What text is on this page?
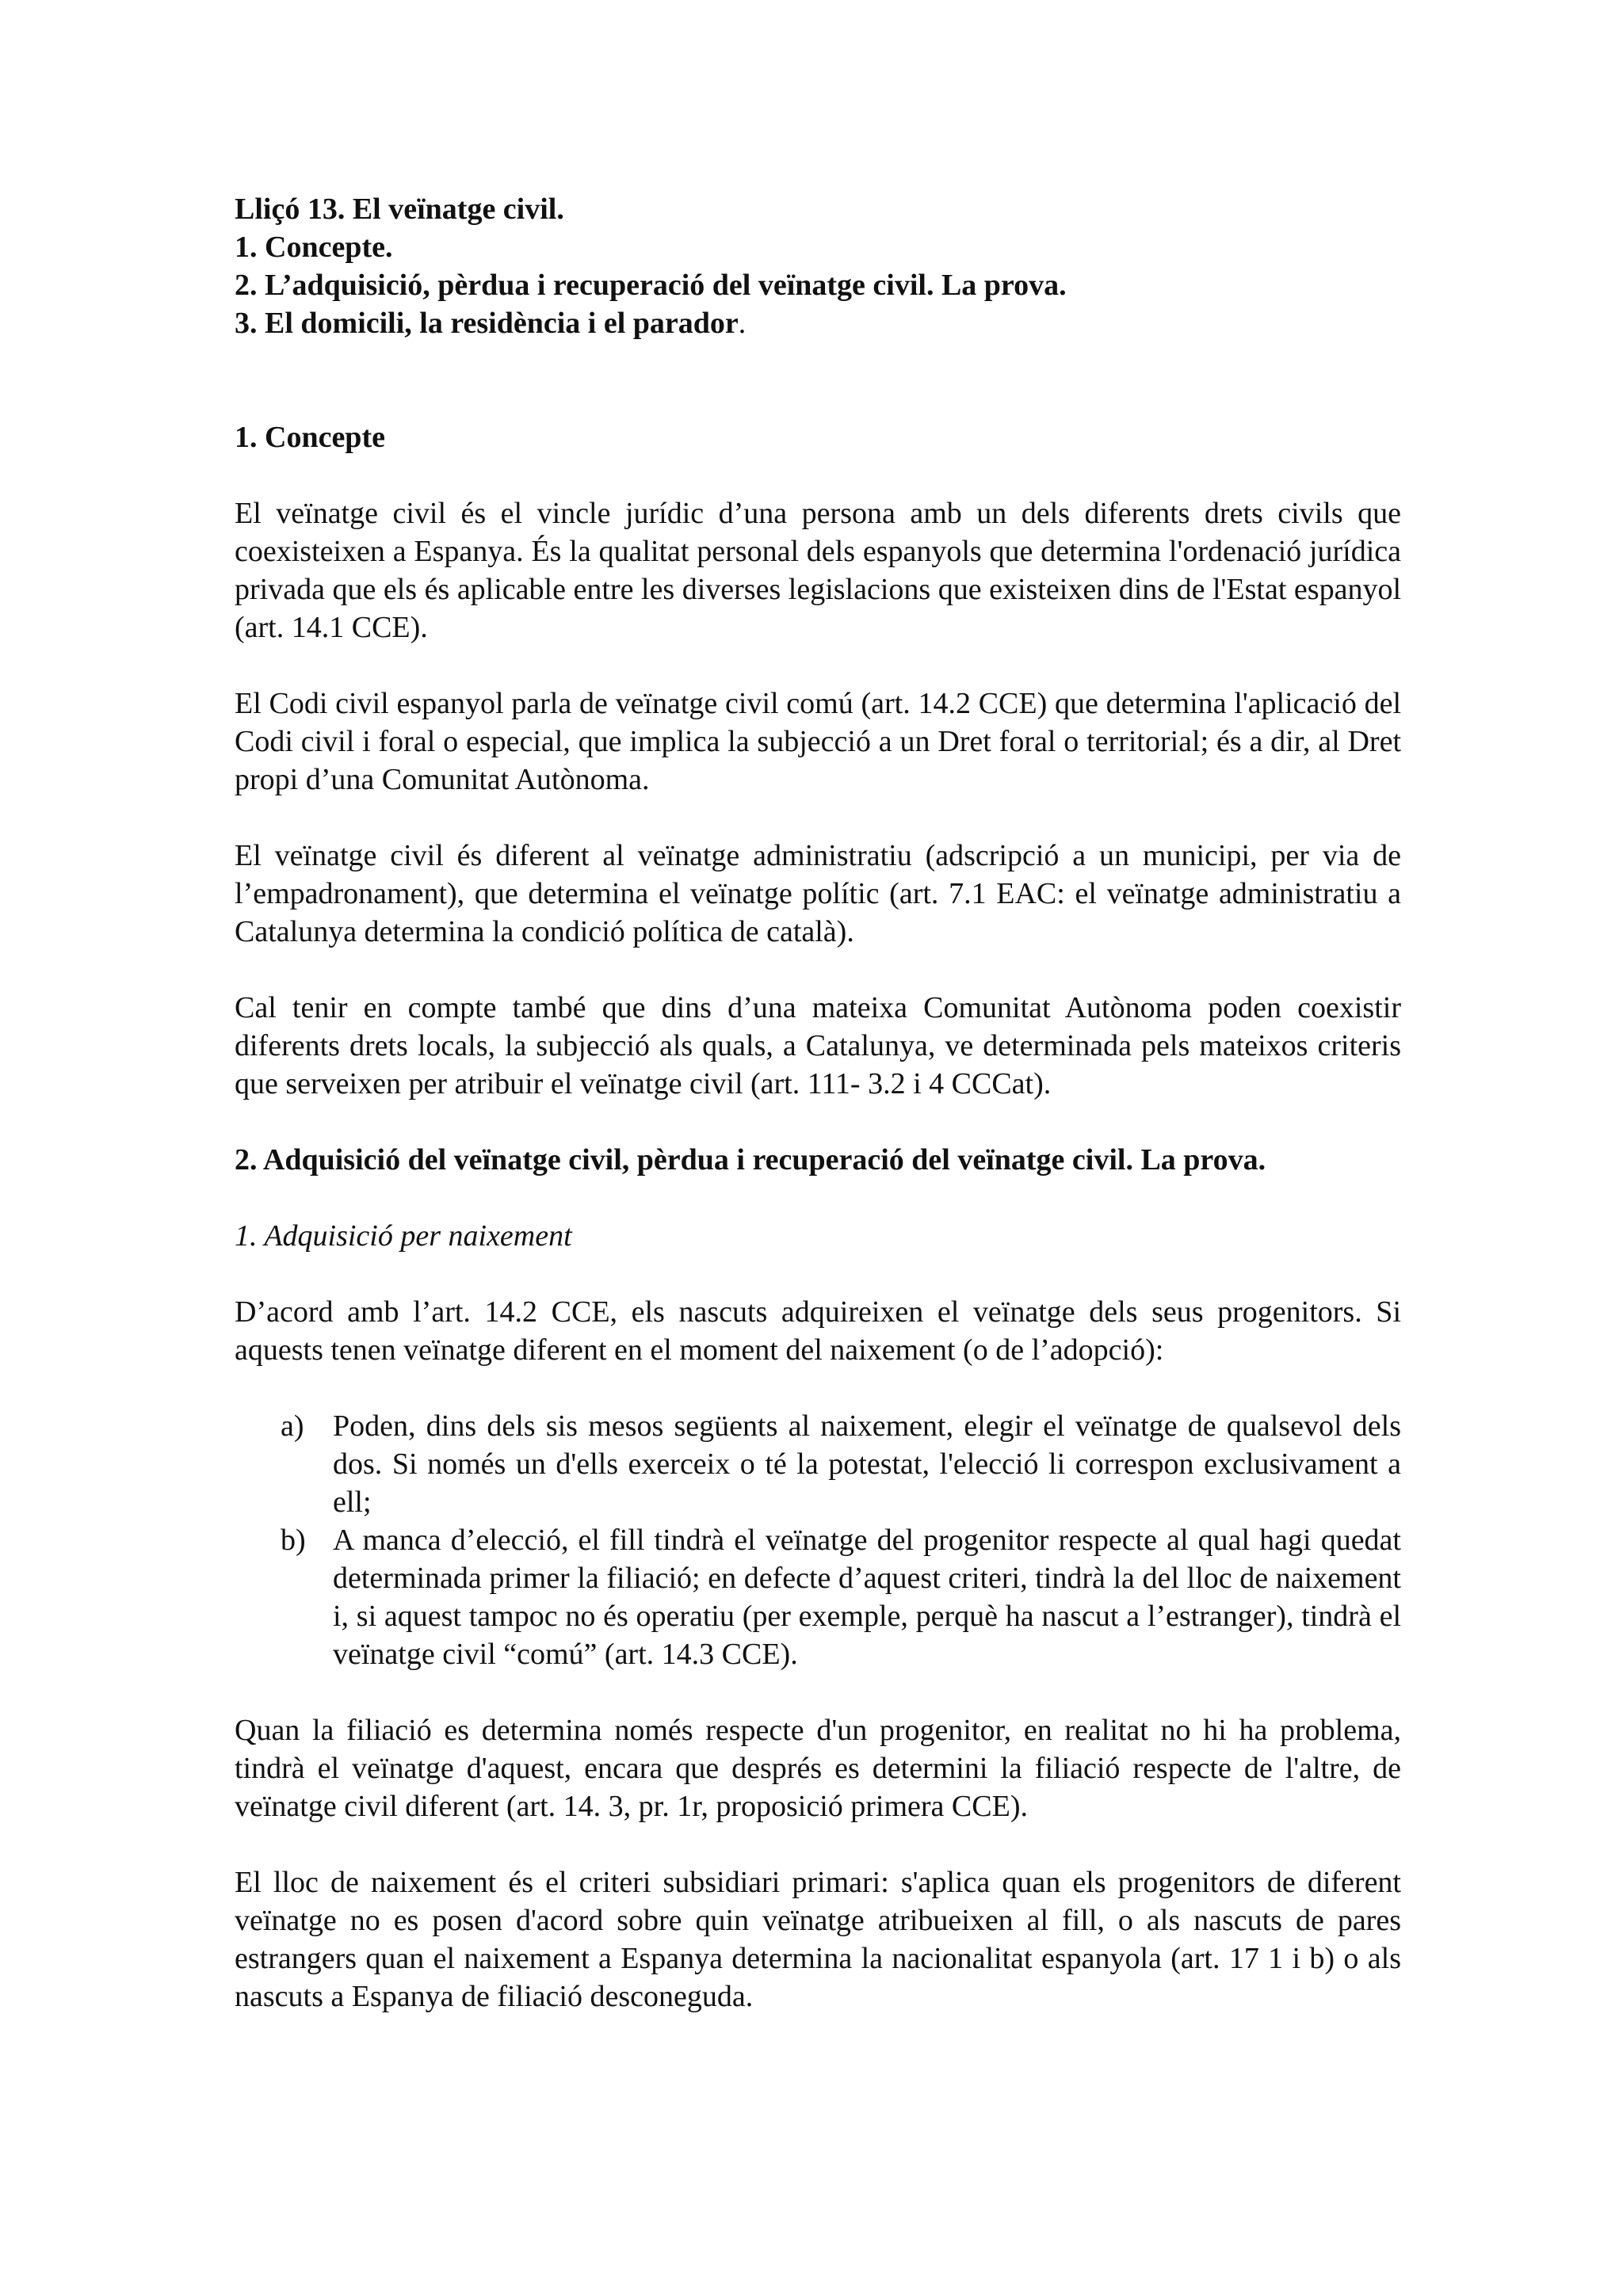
Lliçó 13. El veïnatge civil.
1. Concepte.
2. L’adquisició, pèrdua i recuperació del veïnatge civil. La prova.
3. El domicili, la residència i el parador.

1. Concepte

El veïnatge civil és el vincle jurídic d’una persona amb un dels diferents drets civils que coexisteixen a Espanya. És la qualitat personal dels espanyols que determina l'ordenació jurídica privada que els és aplicable entre les diverses legislacions que existeixen dins de l'Estat espanyol (art. 14.1 CCE).

El Codi civil espanyol parla de veïnatge civil comú (art. 14.2 CCE) que determina l'aplicació del Codi civil i foral o especial, que implica la subjecció a un Dret foral o territorial; és a dir, al Dret propi d’una Comunitat Autònoma.

El veïnatge civil és diferent al veïnatge administratiu (adscripció a un municipi, per via de l’empadronament), que determina el veïnatge polític (art. 7.1 EAC: el veïnatge administratiu a Catalunya determina la condició política de català).

Cal tenir en compte també que dins d’una mateixa Comunitat Autònoma poden coexistir diferents drets locals, la subjecció als quals, a Catalunya, ve determinada pels mateixos criteris que serveixen per atribuir el veïnatge civil (art. 111- 3.2 i 4 CCCat).

2. Adquisició del veïnatge civil, pèrdua i recuperació del veïnatge civil. La prova.

1. Adquisició per naixement

D’acord amb l’art. 14.2 CCE, els nascuts adquireixen el veïnatge dels seus progenitors. Si aquests tenen veïnatge diferent en el moment del naixement (o de l’adopció):

a) Poden, dins dels sis mesos següents al naixement, elegir el veïnatge de qualsevol dels dos. Si només un d'ells exerceix o té la potestat, l'elecció li correspon exclusivament a ell;
b) A manca d’elecció, el fill tindrà el veïnatge del progenitor respecte al qual hagi quedat determinada primer la filiació; en defecte d’aquest criteri, tindrà la del lloc de naixement i, si aquest tampoc no és operatiu (per exemple, perquè ha nascut a l’estranger), tindrà el veïnatge civil “comú” (art. 14.3 CCE).

Quan la filiació es determina només respecte d'un progenitor, en realitat no hi ha problema, tindrà el veïnatge d'aquest, encara que després es determini la filiació respecte de l'altre, de veïnatge civil diferent (art. 14. 3, pr. 1r, proposició primera CCE).

El lloc de naixement és el criteri subsidiari primari: s'aplica quan els progenitors de diferent veïnatge no es posen d'acord sobre quin veïnatge atribueixen al fill, o als nascuts de pares estrangers quan el naixement a Espanya determina la nacionalitat espanyola (art. 17 1 i b) o als nascuts a Espanya de filiació desconeguda.
